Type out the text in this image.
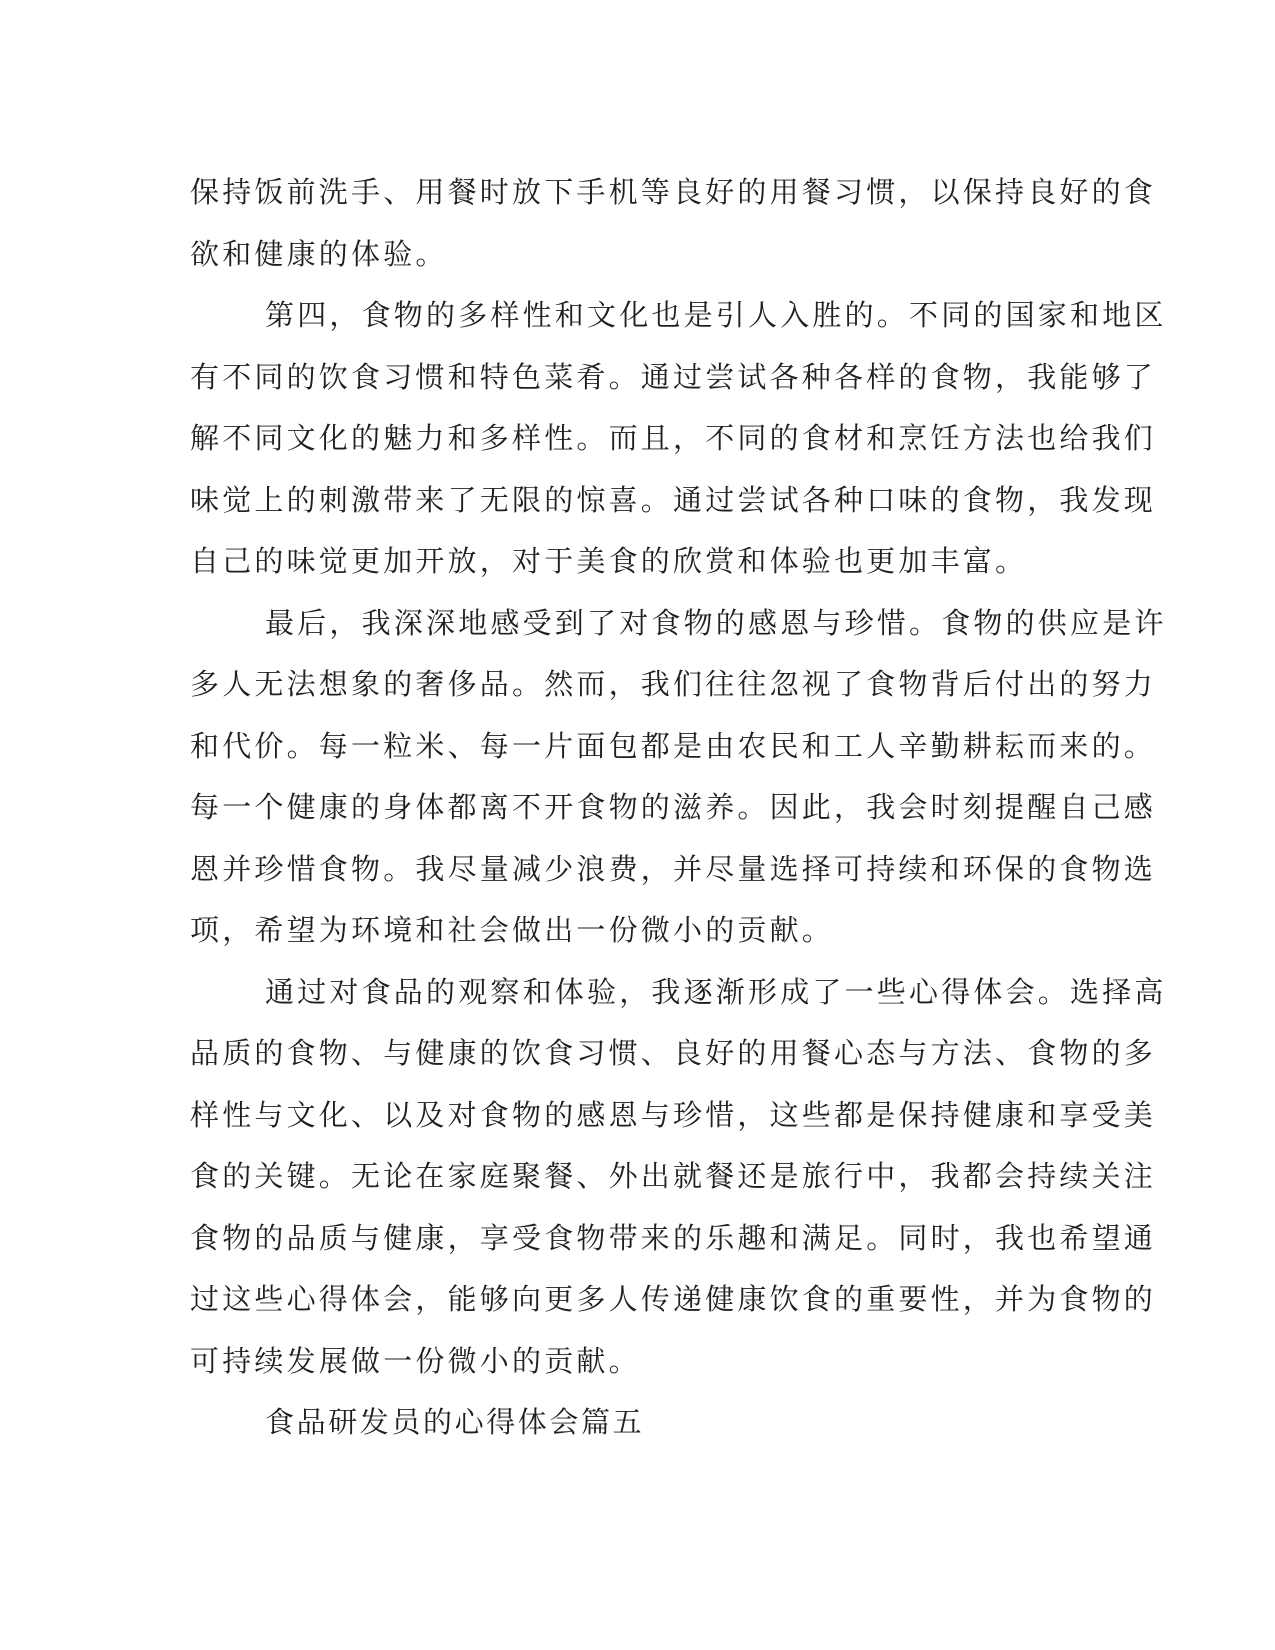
保持饭前洗手、用餐时放下手机等良好的用餐习惯，以保持良好的食
欲和健康的体验。
第四，食物的多样性和文化也是引人入胜的。不同的国家和地区
有不同的饮食习惯和特色菜肴。通过尝试各种各样的食物，我能够了
解不同文化的魅力和多样性。而且，不同的食材和烹饪方法也给我们
味觉上的刺激带来了无限的惊喜。通过尝试各种口味的食物，我发现
自己的味觉更加开放，对于美食的欣赏和体验也更加丰富。
最后，我深深地感受到了对食物的感恩与珍惜。食物的供应是许
多人无法想象的奢侈品。然而，我们往往忽视了食物背后付出的努力
和代价。每一粒米、每一片面包都是由农民和工人辛勤耕耘而来的。
每一个健康的身体都离不开食物的滋养。因此，我会时刻提醒自己感
恩并珍惜食物。我尽量减少浪费，并尽量选择可持续和环保的食物选
项，希望为环境和社会做出一份微小的贡献。
通过对食品的观察和体验，我逐渐形成了一些心得体会。选择高
品质的食物、与健康的饮食习惯、良好的用餐心态与方法、食物的多
样性与文化、以及对食物的感恩与珍惜，这些都是保持健康和享受美
食的关键。无论在家庭聚餐、外出就餐还是旅行中，我都会持续关注
食物的品质与健康，享受食物带来的乐趣和满足。同时，我也希望通
过这些心得体会，能够向更多人传递健康饮食的重要性，并为食物的
可持续发展做一份微小的贡献。
食品研发员的心得体会篇五
